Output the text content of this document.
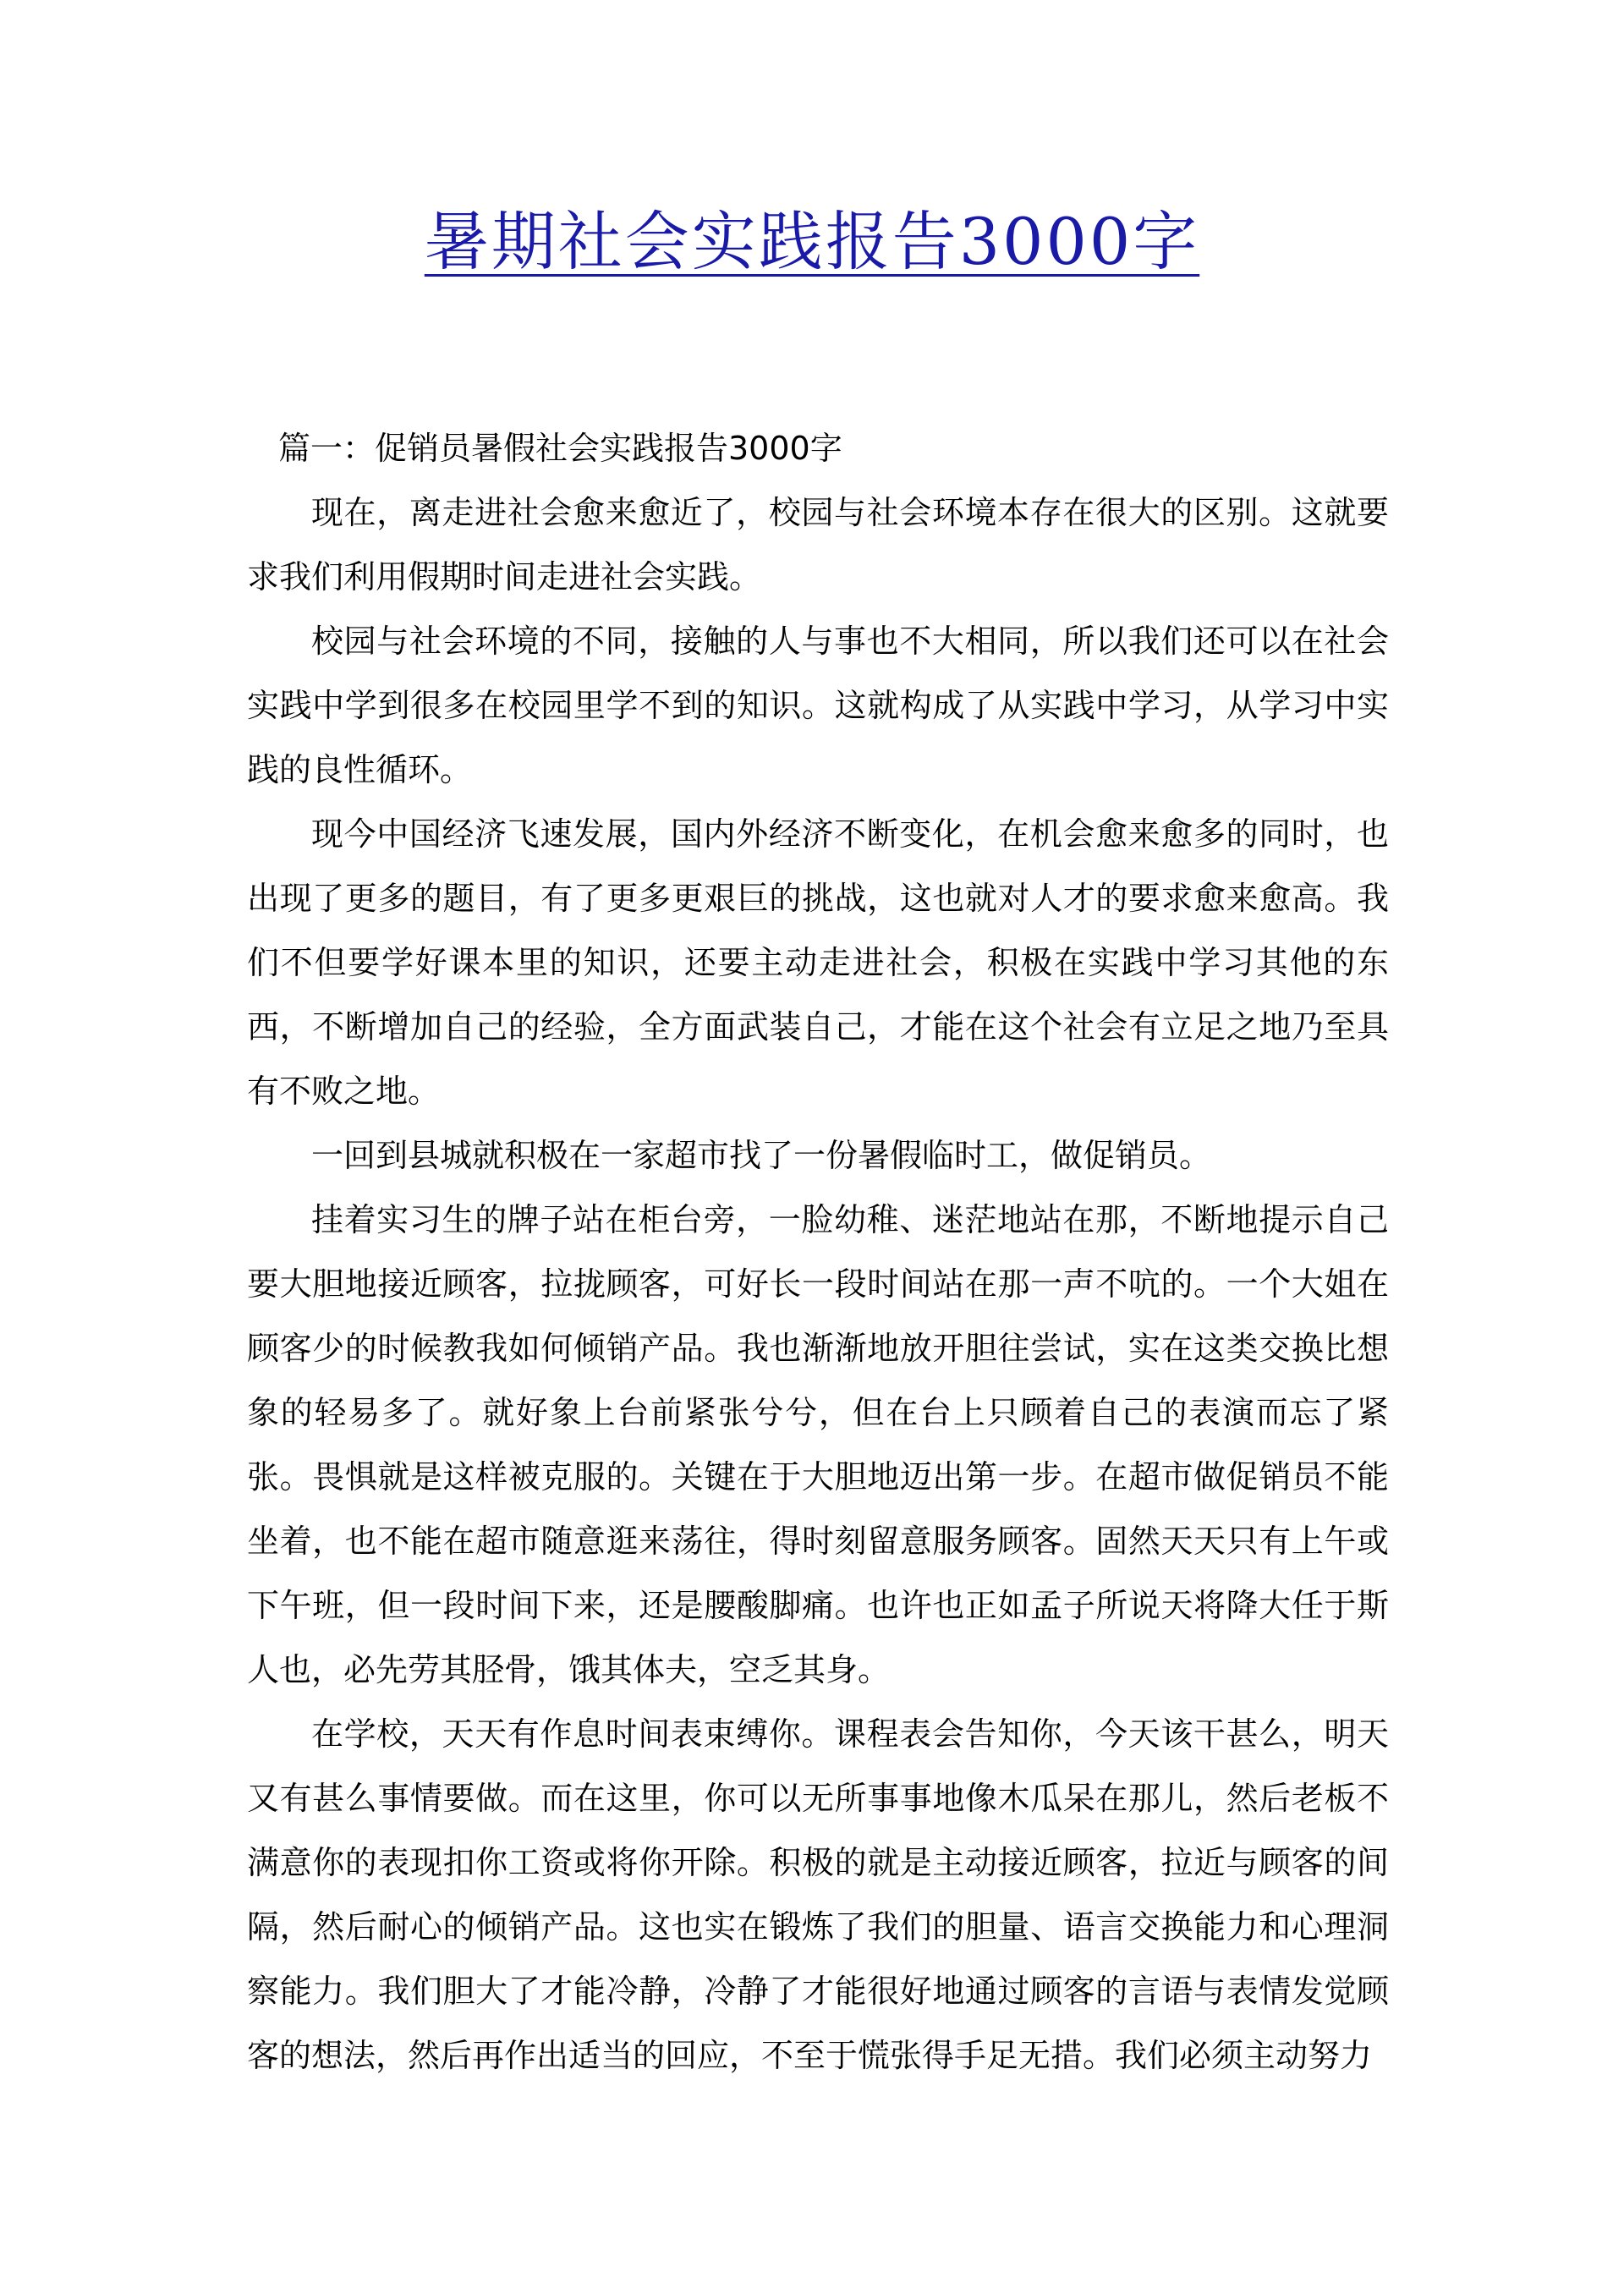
暑期社会实践报告3000字

篇一：促销员暑假社会实践报告3000字

现在，离走进社会愈来愈近了，校园与社会环境本存在很大的区别。这就要求我们利用假期时间走进社会实践。

校园与社会环境的不同，接触的人与事也不大相同，所以我们还可以在社会实践中学到很多在校园里学不到的知识。这就构成了从实践中学习，从学习中实践的良性循环。

现今中国经济飞速发展，国内外经济不断变化，在机会愈来愈多的同时，也出现了更多的题目，有了更多更艰巨的挑战，这也就对人才的要求愈来愈高。我们不但要学好课本里的知识，还要主动走进社会，积极在实践中学习其他的东西，不断增加自己的经验，全方面武装自己，才能在这个社会有立足之地乃至具有不败之地。

一回到县城就积极在一家超市找了一份暑假临时工，做促销员。

挂着实习生的牌子站在柜台旁，一脸幼稚、迷茫地站在那，不断地提示自己要大胆地接近顾客，拉拢顾客，可好长一段时间站在那一声不吭的。一个大姐在顾客少的时候教我如何倾销产品。我也渐渐地放开胆往尝试，实在这类交换比想象的轻易多了。就好象上台前紧张兮兮，但在台上只顾着自己的表演而忘了紧张。畏惧就是这样被克服的。关键在于大胆地迈出第一步。在超市做促销员不能坐着，也不能在超市随意逛来荡往，得时刻留意服务顾客。固然天天只有上午或下午班，但一段时间下来，还是腰酸脚痛。也许也正如孟子所说天将降大任于斯人也，必先劳其胫骨，饿其体夫，空乏其身。

在学校，天天有作息时间表束缚你。课程表会告知你，今天该干甚么，明天又有甚么事情要做。而在这里，你可以无所事事地像木瓜呆在那儿，然后老板不满意你的表现扣你工资或将你开除。积极的就是主动接近顾客，拉近与顾客的间隔，然后耐心的倾销产品。这也实在锻炼了我们的胆量、语言交换能力和心理洞察能力。我们胆大了才能冷静，冷静了才能很好地通过顾客的言语与表情发觉顾客的想法，然后再作出适当的回应，不至于慌张得手足无措。我们必须主动努力
